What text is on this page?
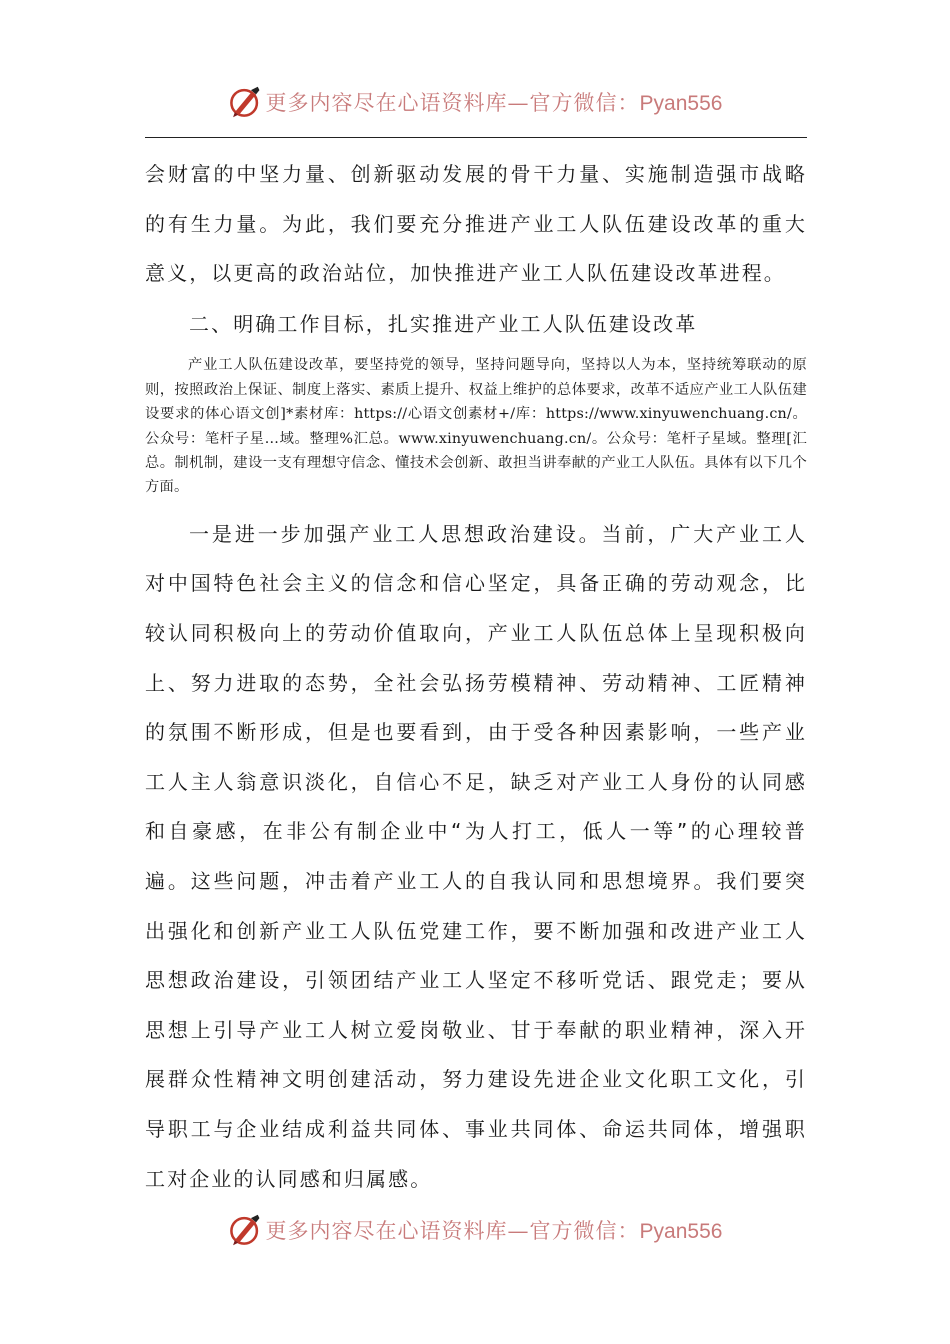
更多内容尽在心语资料库—官方微信：Pyan556

会财富的中坚力量、创新驱动发展的骨干力量、实施制造强市战略的有生力量。为此，我们要充分推进产业工人队伍建设改革的重大意义，以更高的政治站位，加快推进产业工人队伍建设改革进程。

二、明确工作目标，扎实推进产业工人队伍建设改革

产业工人队伍建设改革，要坚持党的领导，坚持问题导向，坚持以人为本，坚持统筹联动的原则，按照政治上保证、制度上落实、素质上提升、权益上维护的总体要求，改革不适应产业工人队伍建设要求的体心语文创]*素材库：https://心语文创素材+/库：https://www.xinyuwenchuang.cn/。公众号：笔杆子星…域。整理%汇总。www.xinyuwenchuang.cn/。公众号：笔杆子星域。整理[汇总。制机制，建设一支有理想守信念、懂技术会创新、敢担当讲奉献的产业工人队伍。具体有以下几个方面。

一是进一步加强产业工人思想政治建设。当前，广大产业工人对中国特色社会主义的信念和信心坚定，具备正确的劳动观念，比较认同积极向上的劳动价值取向，产业工人队伍总体上呈现积极向上、努力进取的态势，全社会弘扬劳模精神、劳动精神、工匠精神的氛围不断形成，但是也要看到，由于受各种因素影响，一些产业工人主人翁意识淡化，自信心不足，缺乏对产业工人身份的认同感和自豪感，在非公有制企业中“为人打工，低人一等”的心理较普遍。这些问题，冲击着产业工人的自我认同和思想境界。我们要突出强化和创新产业工人队伍党建工作，要不断加强和改进产业工人思想政治建设，引领团结产业工人坚定不移听党话、跟党走；要从思想上引导产业工人树立爱岗敬业、甘于奉献的职业精神，深入开展群众性精神文明创建活动，努力建设先进企业文化职工文化，引导职工与企业结成利益共同体、事业共同体、命运共同体，增强职工对企业的认同感和归属感。

更多内容尽在心语资料库—官方微信：Pyan556
